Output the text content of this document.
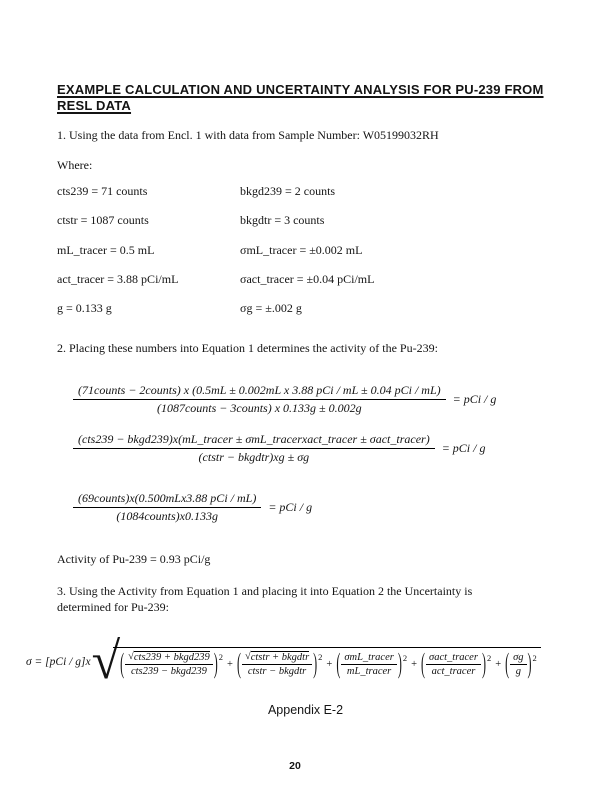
EXAMPLE CALCULATION AND UNCERTAINTY ANALYSIS FOR PU-239 FROM
RESL DATA
1. Using the data from Encl. 1 with data from Sample Number: W05199032RH
Where:
cts239 = 71 counts	bkgd239 = 2 counts
ctstr = 1087 counts	bkgdtr = 3 counts
mL_tracer = 0.5 mL	σmL_tracer = ±0.002 mL
act_tracer = 3.88 pCi/mL	σact_tracer = ±0.04 pCi/mL
g = 0.133 g	σg = ±.002 g
2. Placing these numbers into Equation 1 determines the activity of the Pu-239:
(71counts − 2counts) x (0.5mL ± 0.002mL x 3.88 pCi / mL ± 0.04 pCi / mL)
(1087counts − 3counts) x 0.133g ± 0.002g
= pCi / g
(cts239 − bkgd239)x(mL_tracer ± σmL_tracerxact_tracer ± σact_tracer)
(ctstr − bkgdtr)xg ± σg
= pCi / g
$\frac{\text{(69counts)x(0.500mLx3.88 pCi / mL)}}{\text{(1084counts)x0.133g}}$ = pCi / g
Activity of Pu-239 = 0.93 pCi/g
3. Using the Activity from Equation 1 and placing it into Equation 2 the Uncertainty is
determined for Pu-239:
σ = [pCi / g]x √ ( $\frac{\text{√ cts239 + bkgd239}}{\text{cts239 − bkgd239}}$ ) 2
+ ( $\frac{\text{√ ctstr + bkgdtr}}{\text{ctstr − bkgdtr}}$ ) 2
+ ( $\frac{\text{σmL\_tracer}}{\text{mL\_tracer}}$ ) 2
+ ( $\frac{\text{σact\_tracer}}{\text{act\_tracer}}$ ) 2
+ ( $\frac{\sigma g}{g}$ ) 2
Appendix E-2
20
